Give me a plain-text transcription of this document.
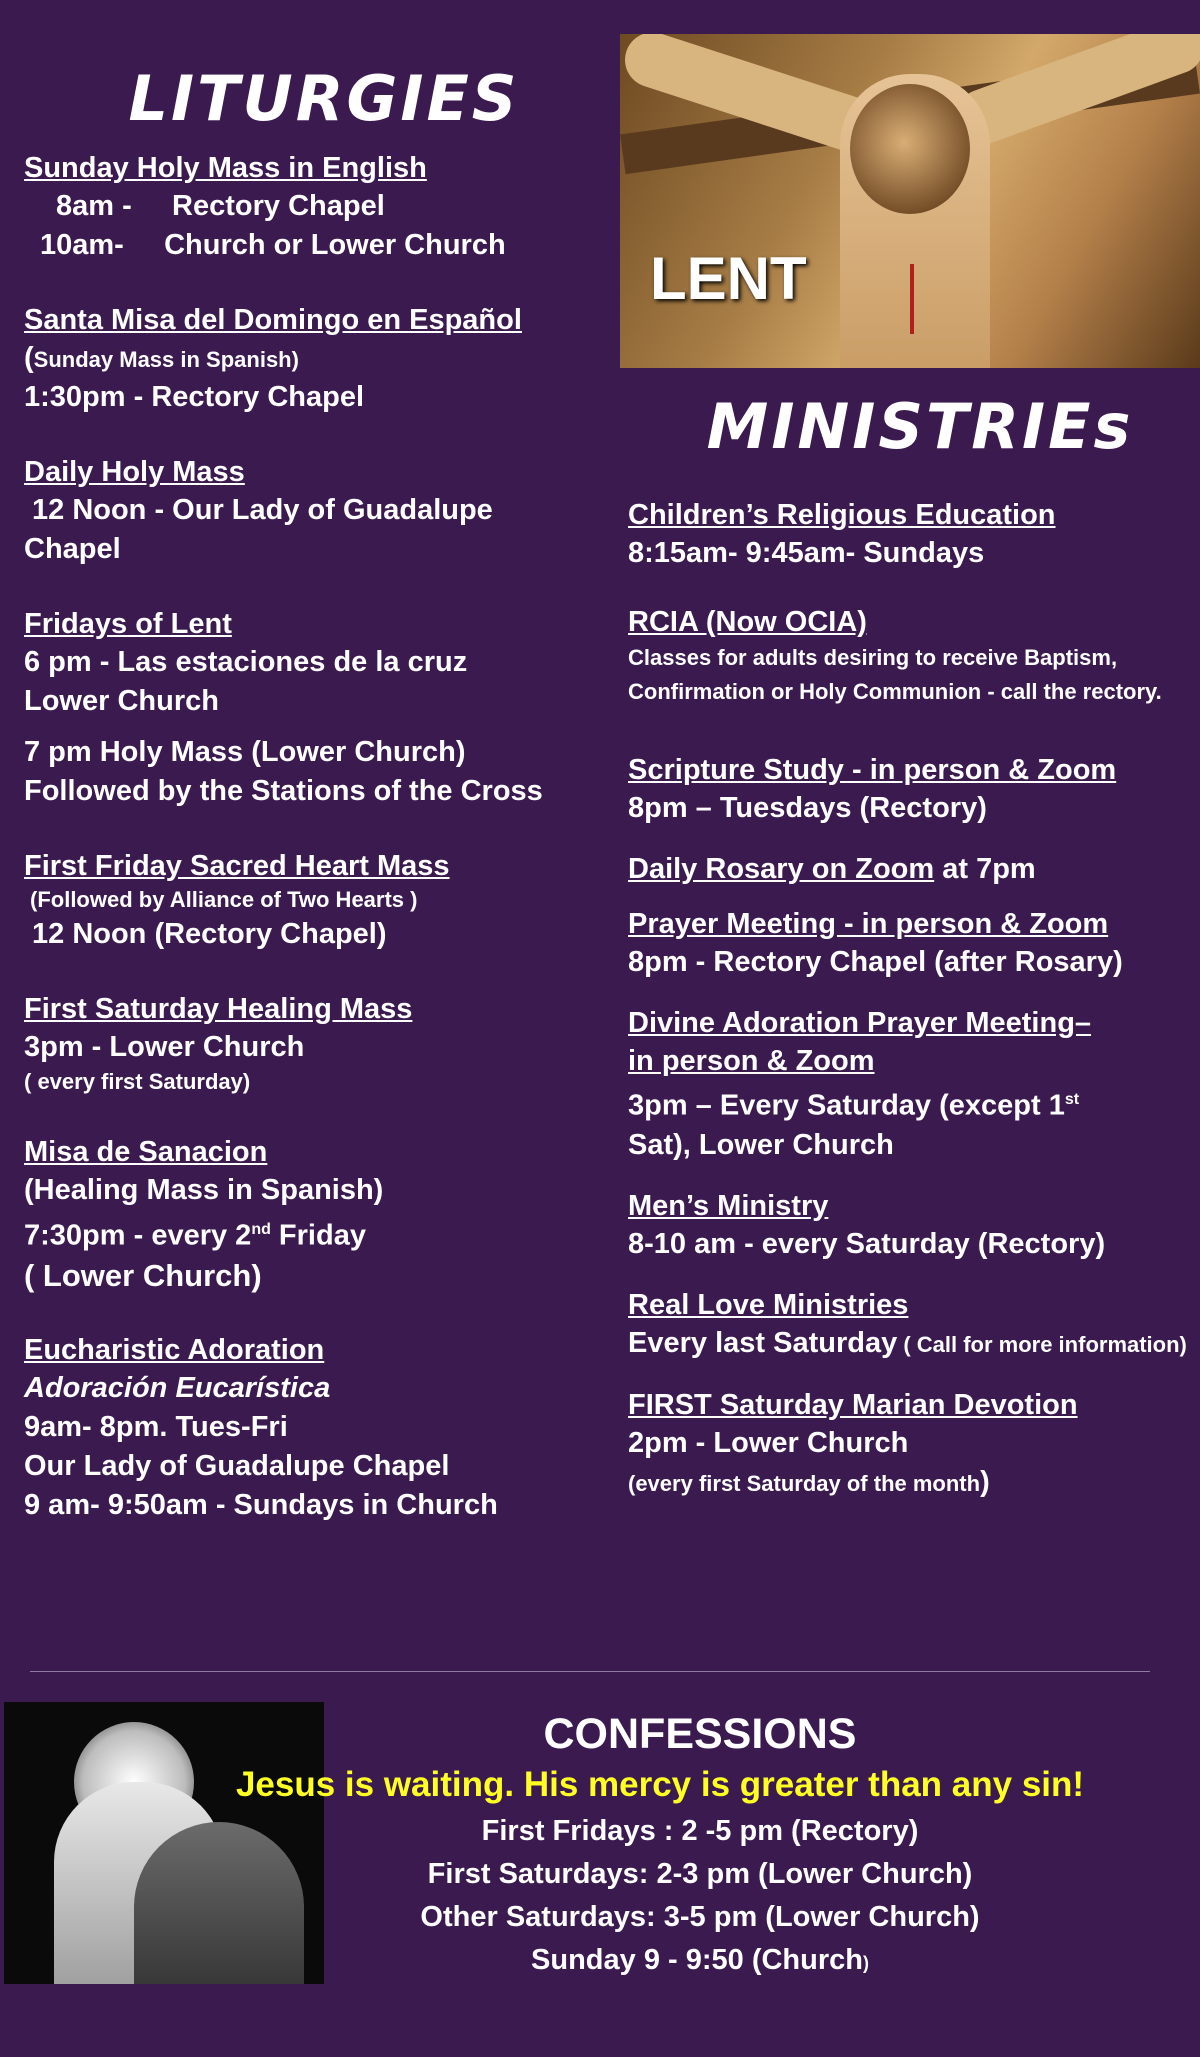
LITURGIES
Sunday Holy Mass in English
8am -     Rectory Chapel
10am-     Church or Lower Church
Santa Misa del Domingo en Español
(Sunday Mass in Spanish)
1:30pm - Rectory Chapel
Daily Holy Mass
12 Noon - Our Lady of Guadalupe
Chapel
Fridays of Lent
6 pm - Las estaciones de la cruz
Lower Church
7 pm Holy Mass (Lower Church)
Followed by the Stations of the Cross
First Friday Sacred Heart Mass
(Followed by Alliance of Two Hearts )
12 Noon (Rectory Chapel)
First Saturday Healing Mass
3pm - Lower Church
( every first Saturday)
Misa de Sanacion
(Healing Mass in Spanish)
7:30pm - every 2nd Friday
( Lower Church)
Eucharistic Adoration
Adoración Eucarística
9am- 8pm. Tues-Fri
Our Lady of Guadalupe Chapel
9 am- 9:50am - Sundays in Church
LENT
MINISTRIEs
Children’s Religious Education
8:15am- 9:45am- Sundays
RCIA (Now OCIA)
Classes for adults desiring to receive Baptism, Confirmation or Holy Communion - call the rectory.
Scripture Study - in person & Zoom
8pm – Tuesdays (Rectory)
Daily Rosary on Zoom at 7pm
Prayer Meeting - in person & Zoom
8pm - Rectory Chapel (after Rosary)
Divine Adoration Prayer Meeting–
in person & Zoom
3pm – Every Saturday (except 1st
Sat), Lower Church
Men’s Ministry
8-10 am - every Saturday (Rectory)
Real Love Ministries
Every last Saturday ( Call for more information)
FIRST Saturday Marian Devotion
2pm - Lower Church
(every first Saturday of the month)
CONFESSIONS
Jesus is waiting. His mercy is greater than any sin!
First Fridays : 2 -5 pm (Rectory)
First Saturdays: 2-3 pm (Lower Church)
Other Saturdays: 3-5 pm (Lower Church)
Sunday 9 - 9:50 (Church)
